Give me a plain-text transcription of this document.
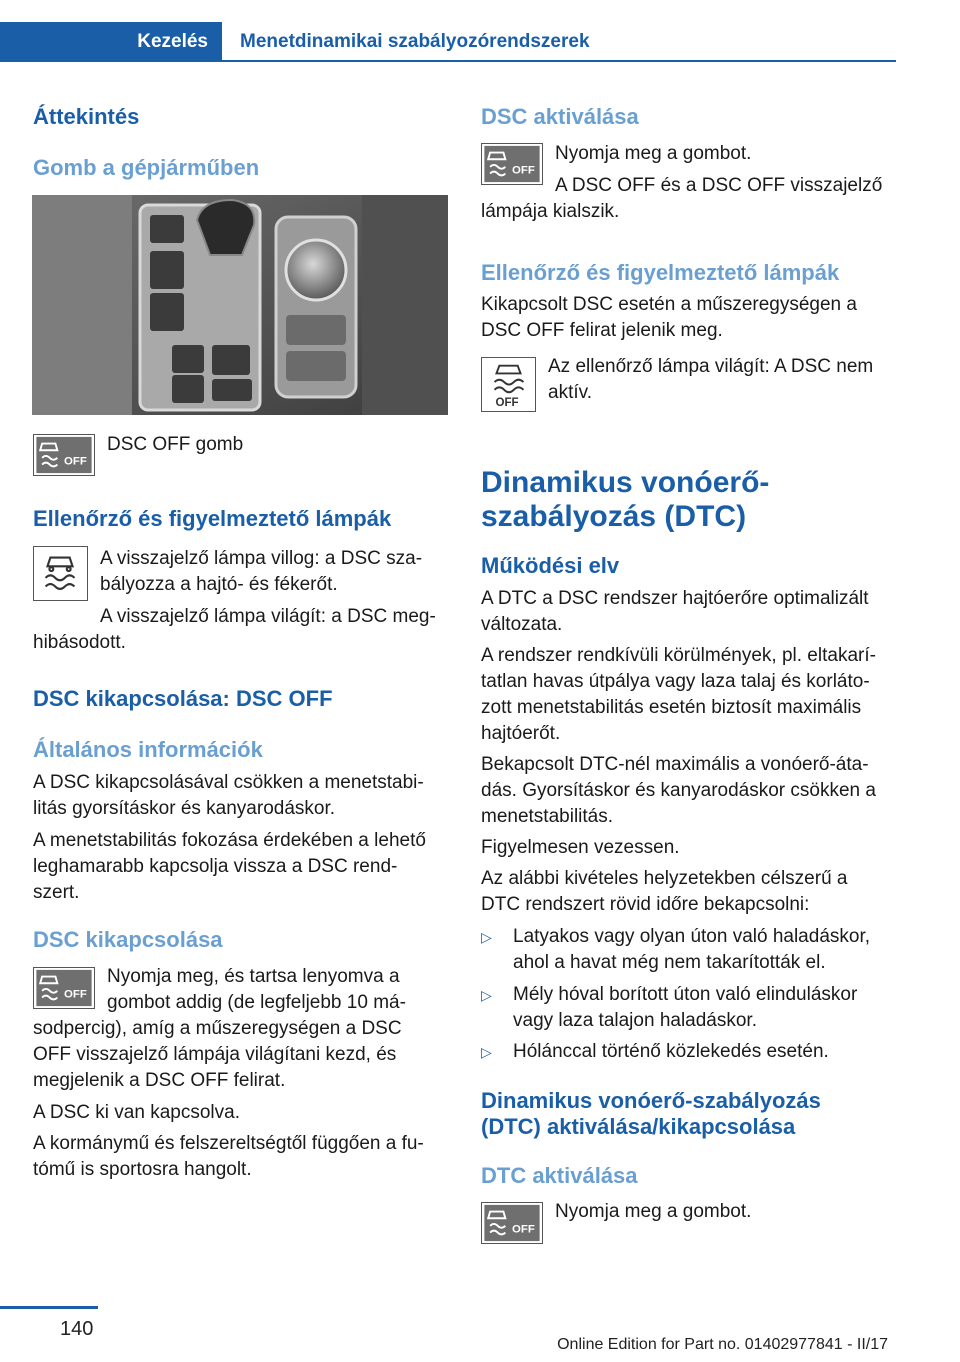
Kezelés	Menetdinamikai szabályozórendszerek
Áttekintés
Gomb a gépjárműben
OFF
DSC OFF gomb
Ellenőrző és figyelmeztető lámpák
A visszajelző lámpa villog: a DSC sza-
bályozza a hajtó- és fékerőt.
A visszajelző lámpa világít: a DSC meg-
hibásodott.
DSC kikapcsolása: DSC OFF
Általános információk
A DSC kikapcsolásával csökken a menetstabi-
litás gyorsításkor és kanyarodáskor.
A menetstabilitás fokozása érdekében a lehető
leghamarabb kapcsolja vissza a DSC rend-
szert.
DSC kikapcsolása
OFF
Nyomja meg, és tartsa lenyomva a
gombot addig (de legfeljebb 10 má-
sodpercig), amíg a műszeregységen a DSC
OFF visszajelző lámpája világítani kezd, és
megjelenik a DSC OFF felirat.
A DSC ki van kapcsolva.
A kormánymű és felszereltségtől függően a fu-
tómű is sportosra hangolt.
DSC aktiválása
OFF
Nyomja meg a gombot.
A DSC OFF és a DSC OFF visszajelző
lámpája kialszik.
Ellenőrző és figyelmeztető lámpák
Kikapcsolt DSC esetén a műszeregységen a
DSC OFF felirat jelenik meg.
OFF
Az ellenőrző lámpa világít: A DSC nem
aktív.
Dinamikus vonóerő-
szabályozás (DTC)
Működési elv
A DTC a DSC rendszer hajtóerőre optimalizált
változata.
A rendszer rendkívüli körülmények, pl. eltakarí-
tatlan havas útpálya vagy laza talaj és korláto-
zott menetstabilitás esetén biztosít maximális
hajtóerőt.
Bekapcsolt DTC-nél maximális a vonóerő-áta-
dás. Gyorsításkor és kanyarodáskor csökken a
menetstabilitás.
Figyelmesen vezessen.
Az alábbi kivételes helyzetekben célszerű a
DTC rendszert rövid időre bekapcsolni:
▷	Latyakos vagy olyan úton való haladáskor,
ahol a havat még nem takarították el.
▷	Mély hóval borított úton való elinduláskor
vagy laza talajon haladáskor.
▷	Hólánccal történő közlekedés esetén.
Dinamikus vonóerő-szabályozás
(DTC) aktiválása/kikapcsolása
DTC aktiválása
OFF
Nyomja meg a gombot.
140
Online Edition for Part no. 01402977841 - II/17
